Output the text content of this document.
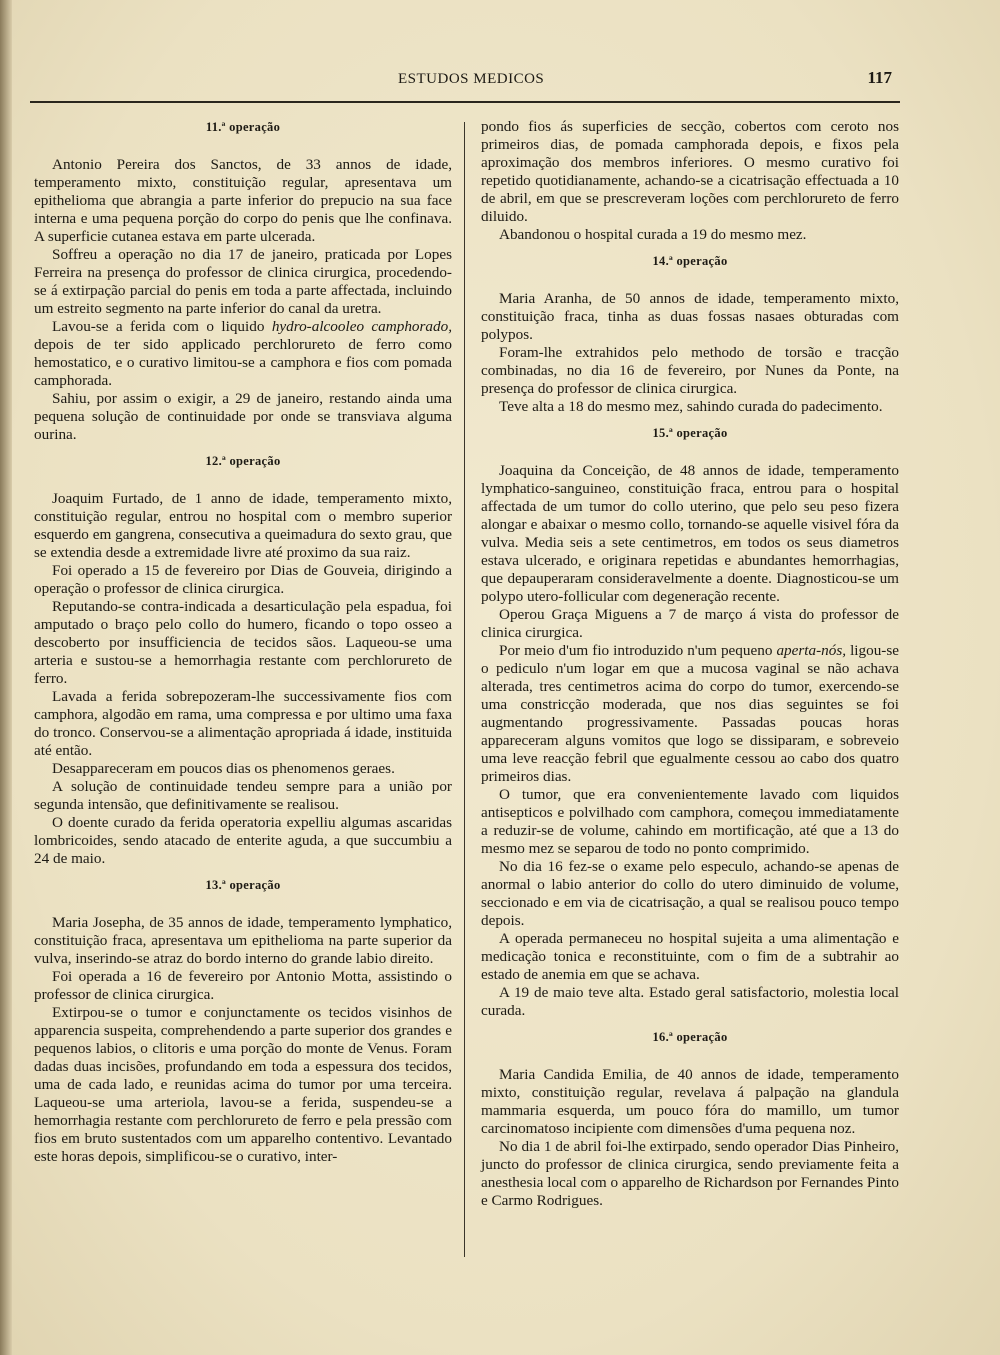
ESTUDOS MEDICOS	117
11.ª operação

Antonio Pereira dos Sanctos, de 33 annos de idade, temperamento mixto, constituição regular, apresentava um epithelioma que abrangia a parte inferior do prepucio na sua face interna e uma pequena porção do corpo do penis que lhe confinava. A superficie cutanea estava em parte ulcerada.

Soffreu a operação no dia 17 de janeiro, praticada por Lopes Ferreira na presença do professor de clinica cirurgica, procedendo-se á extirpação parcial do penis em toda a parte affectada, incluindo um estreito segmento na parte inferior do canal da uretra.

Lavou-se a ferida com o liquido hydro-alcooleo camphorado, depois de ter sido applicado perchlorureto de ferro como hemostatico, e o curativo limitou-se a camphora e fios com pomada camphorada.

Sahiu, por assim o exigir, a 29 de janeiro, restando ainda uma pequena solução de continuidade por onde se transviava alguma ourina.

12.ª operação

Joaquim Furtado, de 1 anno de idade, temperamento mixto, constituição regular, entrou no hospital com o membro superior esquerdo em gangrena, consecutiva a queimadura do sexto grau, que se extendia desde a extremidade livre até proximo da sua raiz.

Foi operado a 15 de fevereiro por Dias de Gouveia, dirigindo a operação o professor de clinica cirurgica.

Reputando-se contra-indicada a desarticulação pela espadua, foi amputado o braço pelo collo do humero, ficando o topo osseo a descoberto por insufficiencia de tecidos sãos. Laqueou-se uma arteria e sustou-se a hemorrhagia restante com perchlorureto de ferro.

Lavada a ferida sobrepozeram-lhe successivamente fios com camphora, algodão em rama, uma compressa e por ultimo uma faxa do tronco. Conservou-se a alimentação apropriada á idade, instituida até então.

Desappareceram em poucos dias os phenomenos geraes.

A solução de continuidade tendeu sempre para a união por segunda intensão, que definitivamente se realisou.

O doente curado da ferida operatoria expelliu algumas ascaridas lombricoides, sendo atacado de enterite aguda, a que succumbiu a 24 de maio.

13.ª operação

Maria Josepha, de 35 annos de idade, temperamento lymphatico, constituição fraca, apresentava um epithelioma na parte superior da vulva, inserindo-se atraz do bordo interno do grande labio direito.

Foi operada a 16 de fevereiro por Antonio Motta, assistindo o professor de clinica cirurgica.

Extirpou-se o tumor e conjunctamente os tecidos visinhos de apparencia suspeita, comprehendendo a parte superior dos grandes e pequenos labios, o clitoris e uma porção do monte de Venus. Foram dadas duas incisões, profundando em toda a espessura dos tecidos, uma de cada lado, e reunidas acima do tumor por uma terceira. Laqueou-se uma arteriola, lavou-se a ferida, suspendeu-se a hemorrhagia restante com perchlorureto de ferro e pela pressão com fios em bruto sustentados com um apparelho contentivo. Levantado este horas depois, simplificou-se o curativo, inter-

pondo fios ás superficies de secção, cobertos com ceroto nos primeiros dias, de pomada camphorada depois, e fixos pela aproximação dos membros inferiores. O mesmo curativo foi repetido quotidianamente, achando-se a cicatrisação effectuada a 10 de abril, em que se prescreveram loções com perchlorureto de ferro diluido.

Abandonou o hospital curada a 19 do mesmo mez.

14.ª operação

Maria Aranha, de 50 annos de idade, temperamento mixto, constituição fraca, tinha as duas fossas nasaes obturadas com polypos.

Foram-lhe extrahidos pelo methodo de torsão e tracção combinadas, no dia 16 de fevereiro, por Nunes da Ponte, na presença do professor de clinica cirurgica.

Teve alta a 18 do mesmo mez, sahindo curada do padecimento.

15.ª operação

Joaquina da Conceição, de 48 annos de idade, temperamento lymphatico-sanguineo, constituição fraca, entrou para o hospital affectada de um tumor do collo uterino, que pelo seu peso fizera alongar e abaixar o mesmo collo, tornando-se aquelle visivel fóra da vulva. Media seis a sete centimetros, em todos os seus diametros estava ulcerado, e originara repetidas e abundantes hemorrhagias, que depauperaram consideravelmente a doente. Diagnosticou-se um polypo utero-follicular com degeneração recente.

Operou Graça Miguens a 7 de março á vista do professor de clinica cirurgica.

Por meio d'um fio introduzido n'um pequeno aperta-nós, ligou-se o pediculo n'um logar em que a mucosa vaginal se não achava alterada, tres centimetros acima do corpo do tumor, exercendo-se uma constricção moderada, que nos dias seguintes se foi augmentando progressivamente. Passadas poucas horas appareceram alguns vomitos que logo se dissiparam, e sobreveio uma leve reacção febril que egualmente cessou ao cabo dos quatro primeiros dias.

O tumor, que era convenientemente lavado com liquidos antisepticos e polvilhado com camphora, começou immediatamente a reduzir-se de volume, cahindo em mortificação, até que a 13 do mesmo mez se separou de todo no ponto comprimido.

No dia 16 fez-se o exame pelo especulo, achando-se apenas de anormal o labio anterior do collo do utero diminuido de volume, seccionado e em via de cicatrisação, a qual se realisou pouco tempo depois.

A operada permaneceu no hospital sujeita a uma alimentação e medicação tonica e reconstituinte, com o fim de a subtrahir ao estado de anemia em que se achava.

A 19 de maio teve alta. Estado geral satisfactorio, molestia local curada.

16.ª operação

Maria Candida Emilia, de 40 annos de idade, temperamento mixto, constituição regular, revelava á palpação na glandula mammaria esquerda, um pouco fóra do mamillo, um tumor carcinomatoso incipiente com dimensões d'uma pequena noz.

No dia 1 de abril foi-lhe extirpado, sendo operador Dias Pinheiro, juncto do professor de clinica cirurgica, sendo previamente feita a anesthesia local com o apparelho de Richardson por Fernandes Pinto e Carmo Rodrigues.
